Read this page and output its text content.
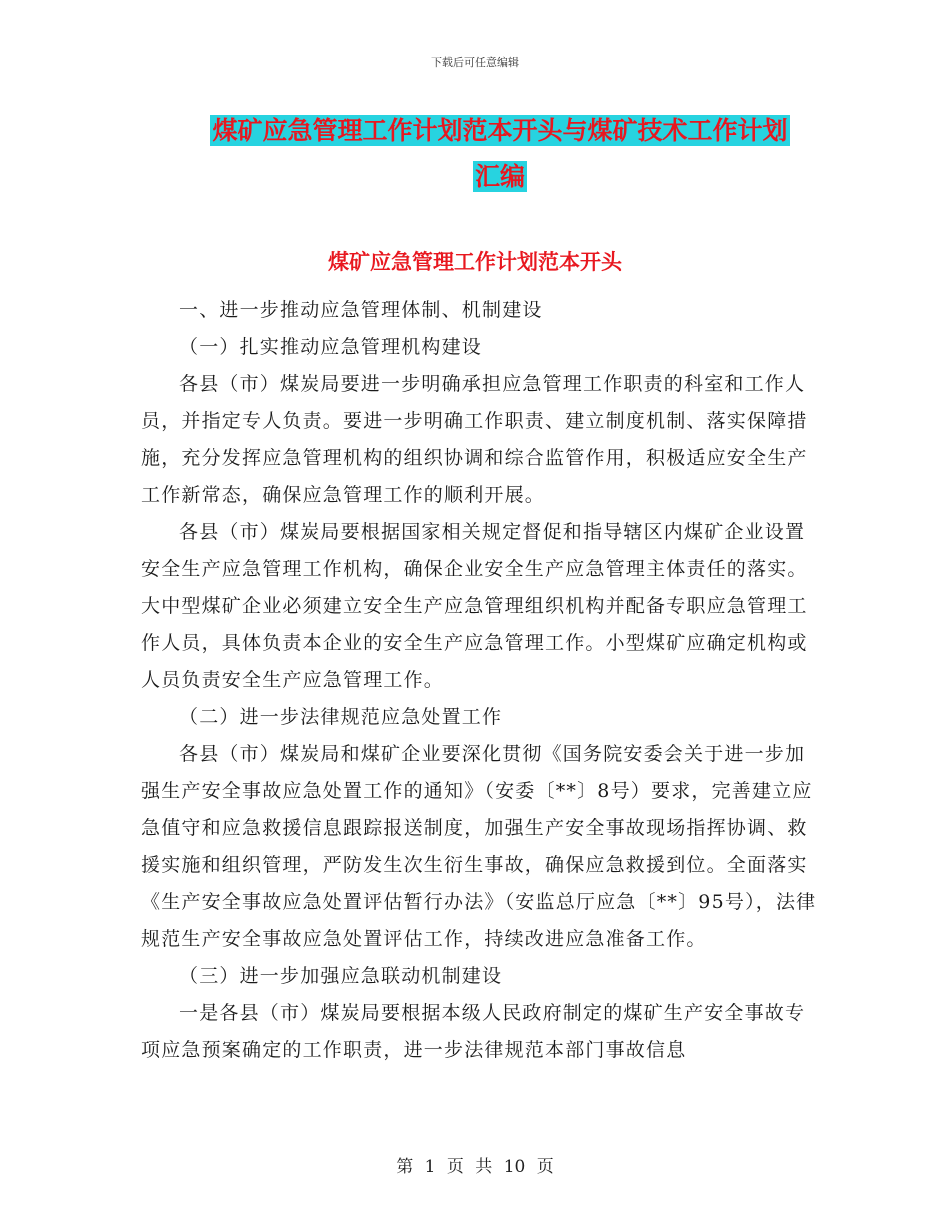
下载后可任意编辑
煤矿应急管理工作计划范本开头与煤矿技术工作计划
汇编
煤矿应急管理工作计划范本开头

一、进一步推动应急管理体制、机制建设

（一）扎实推动应急管理机构建设

各县（市）煤炭局要进一步明确承担应急管理工作职责的科室和工作人员，并指定专人负责。要进一步明确工作职责、建立制度机制、落实保障措施，充分发挥应急管理机构的组织协调和综合监管作用，积极适应安全生产工作新常态，确保应急管理工作的顺利开展。

各县（市）煤炭局要根据国家相关规定督促和指导辖区内煤矿企业设置安全生产应急管理工作机构，确保企业安全生产应急管理主体责任的落实。大中型煤矿企业必须建立安全生产应急管理组织机构并配备专职应急管理工作人员，具体负责本企业的安全生产应急管理工作。小型煤矿应确定机构或人员负责安全生产应急管理工作。

（二）进一步法律规范应急处置工作

各县（市）煤炭局和煤矿企业要深化贯彻《国务院安委会关于进一步加强生产安全事故应急处置工作的通知》（安委〔**〕8号）要求，完善建立应急值守和应急救援信息跟踪报送制度，加强生产安全事故现场指挥协调、救援实施和组织管理，严防发生次生衍生事故，确保应急救援到位。全面落实《生产安全事故应急处置评估暂行办法》（安监总厅应急〔**〕95号），法律规范生产安全事故应急处置评估工作，持续改进应急准备工作。

（三）进一步加强应急联动机制建设

一是各县（市）煤炭局要根据本级人民政府制定的煤矿生产安全事故专项应急预案确定的工作职责，进一步法律规范本部门事故信息

第 1 页 共 10 页
